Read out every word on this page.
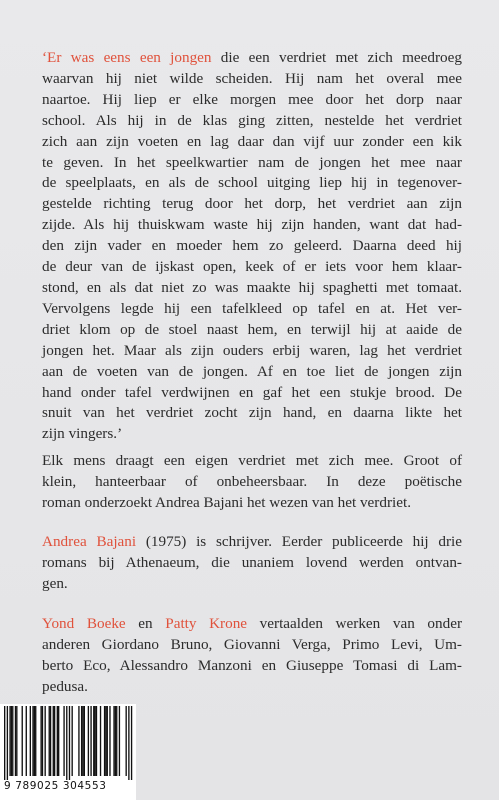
‘Er was eens een jongen die een verdriet met zich meedroeg
waarvan hij niet wilde scheiden. Hij nam het overal mee
naartoe. Hij liep er elke morgen mee door het dorp naar
school. Als hij in de klas ging zitten, nestelde het verdriet
zich aan zijn voeten en lag daar dan vijf uur zonder een kik
te geven. In het speelkwartier nam de jongen het mee naar
de speelplaats, en als de school uitging liep hij in tegenover-
gestelde richting terug door het dorp, het verdriet aan zijn
zijde. Als hij thuiskwam waste hij zijn handen, want dat had-
den zijn vader en moeder hem zo geleerd. Daarna deed hij
de deur van de ijskast open, keek of er iets voor hem klaar-
stond, en als dat niet zo was maakte hij spaghetti met tomaat.
Vervolgens legde hij een tafelkleed op tafel en at. Het ver-
driet klom op de stoel naast hem, en terwijl hij at aaide de
jongen het. Maar als zijn ouders erbij waren, lag het verdriet
aan de voeten van de jongen. Af en toe liet de jongen zijn
hand onder tafel verdwijnen en gaf het een stukje brood. De
snuit van het verdriet zocht zijn hand, en daarna likte het
zijn vingers.’
Elk mens draagt een eigen verdriet met zich mee. Groot of
klein, hanteerbaar of onbeheersbaar. In deze poëtische
roman onderzoekt Andrea Bajani het wezen van het verdriet.
Andrea Bajani (1975) is schrijver. Eerder publiceerde hij drie
romans bij Athenaeum, die unaniem lovend werden ontvan-
gen.
Yond Boeke en Patty Krone vertaalden werken van onder
anderen Giordano Bruno, Giovanni Verga, Primo Levi, Um-
berto Eco, Alessandro Manzoni en Giuseppe Tomasi di Lam-
pedusa.
9 789025 304553
